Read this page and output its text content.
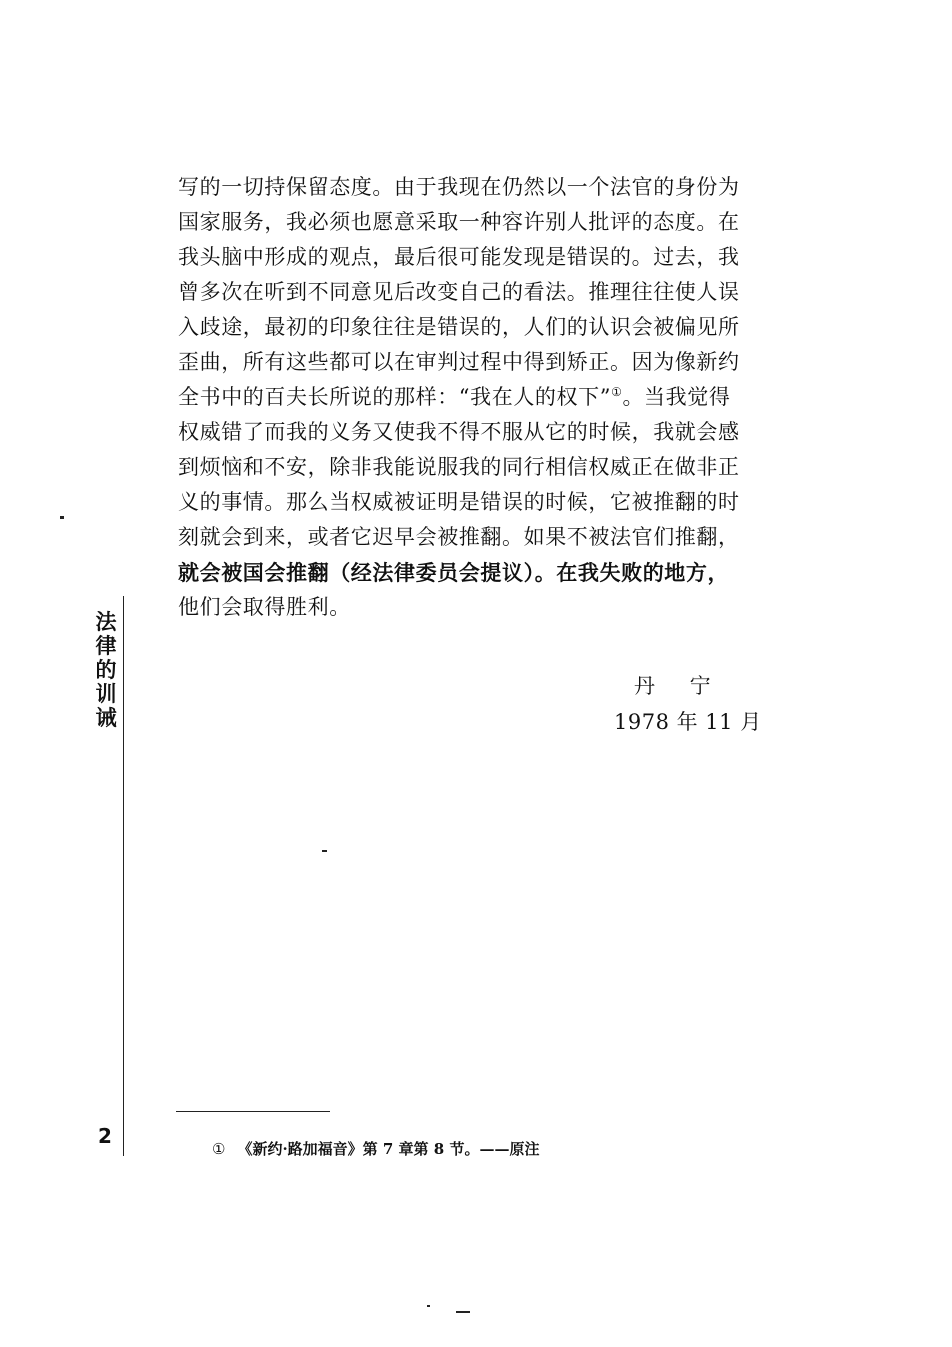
写的一切持保留态度。由于我现在仍然以一个法官的身份为
国家服务，我必须也愿意采取一种容许别人批评的态度。在
我头脑中形成的观点，最后很可能发现是错误的。过去，我
曾多次在听到不同意见后改变自己的看法。推理往往使人误
入歧途，最初的印象往往是错误的，人们的认识会被偏见所
歪曲，所有这些都可以在审判过程中得到矫正。因为像新约
全书中的百夫长所说的那样：“我在人的权下”①。当我觉得
权威错了而我的义务又使我不得不服从它的时候，我就会感
到烦恼和不安，除非我能说服我的同行相信权威正在做非正
义的事情。那么当权威被证明是错误的时候，它被推翻的时
刻就会到来，或者它迟早会被推翻。如果不被法官们推翻，
就会被国会推翻（经法律委员会提议）。在我失败的地方，
他们会取得胜利。
丹 宁
1978 年 11 月
法律的训诫
2
① 《新约·路加福音》第 7 章第 8 节。——原注
